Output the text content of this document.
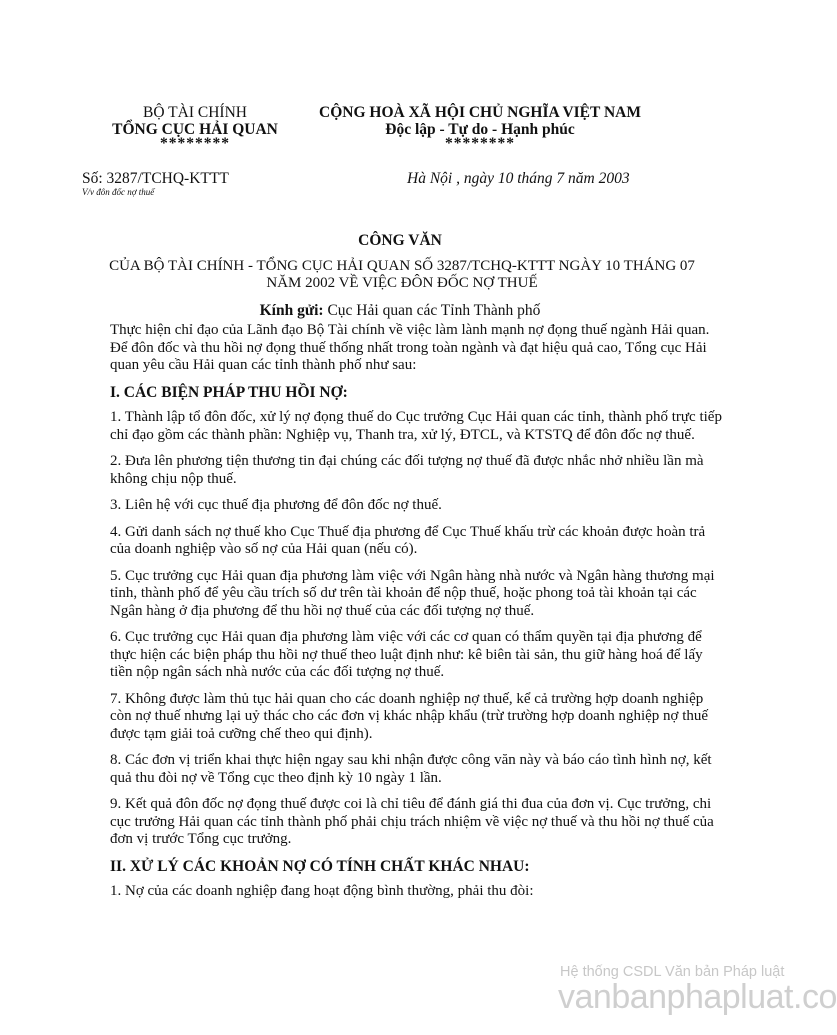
BỘ TÀI CHÍNH
TỔNG CỤC HẢI QUAN
********
CỘNG HOÀ XÃ HỘI CHỦ NGHĨA VIỆT NAM
Độc lập - Tự do - Hạnh phúc
********
Số: 3287/TCHQ-KTTT
V/v đôn đốc nợ thuế
Hà Nội , ngày 10 tháng 7 năm 2003
CÔNG VĂN
CỦA BỘ TÀI CHÍNH - TỔNG CỤC HẢI QUAN SỐ 3287/TCHQ-KTTT NGÀY 10 THÁNG 07 NĂM 2002 VỀ VIỆC ĐÔN ĐỐC NỢ THUẾ
Kính gửi: Cục Hải quan các Tỉnh Thành phố

Thực hiện chỉ đạo của Lãnh đạo Bộ Tài chính về việc làm lành mạnh nợ đọng thuế ngành Hải quan. Để đôn đốc và thu hồi nợ đọng thuế thống nhất trong toàn ngành và đạt hiệu quả cao, Tổng cục Hải quan yêu cầu Hải quan các tỉnh thành phố như sau:

I. CÁC BIỆN PHÁP THU HỒI NỢ:

1. Thành lập tổ đôn đốc, xử lý nợ đọng thuế do Cục trưởng Cục Hải quan các tỉnh, thành phố trực tiếp chỉ đạo gồm các thành phần: Nghiệp vụ, Thanh tra, xử lý, ĐTCL, và KTSTQ để đôn đốc nợ thuế.

2. Đưa lên phương tiện thương tin đại chúng các đối tượng nợ thuế đã được nhắc nhở nhiều lần mà không chịu nộp thuế.

3. Liên hệ với cục thuế địa phương để đôn đốc nợ thuế.

4. Gửi danh sách nợ thuế kho Cục Thuế địa phương để Cục Thuế khấu trừ các khoản được hoàn trả của doanh nghiệp vào số nợ của Hải quan (nếu có).

5. Cục trưởng cục Hải quan địa phương làm việc với Ngân hàng nhà nước và Ngân hàng thương mại tỉnh, thành phố để yêu cầu trích số dư trên tài khoản để nộp thuế, hoặc phong toả tài khoản tại các Ngân hàng ở địa phương để thu hồi nợ thuế của các đối tượng nợ thuế.

6. Cục trưởng cục Hải quan địa phương làm việc với các cơ quan có thẩm quyền tại địa phương để thực hiện các biện pháp thu hồi nợ thuế theo luật định như: kê biên tài sản, thu giữ hàng hoá để lấy tiền nộp ngân sách nhà nước của các đối tượng nợ thuế.

7. Không được làm thủ tục hải quan cho các doanh nghiệp nợ thuế, kể cả trường hợp doanh nghiệp còn nợ thuế nhưng lại uỷ thác cho các đơn vị khác nhập khẩu (trừ trường hợp doanh nghiệp nợ thuế được tạm giải toả cưỡng chế theo qui định).

8. Các đơn vị triển khai thực hiện ngay sau khi nhận được công văn này và báo cáo tình hình nợ, kết quả thu đòi nợ về Tổng cục theo định kỳ 10 ngày 1 lần.

9. Kết quả đôn đốc nợ đọng thuế được coi là chỉ tiêu để đánh giá thi đua của đơn vị. Cục trưởng, chi cục trưởng Hải quan các tỉnh thành phố phải chịu trách nhiệm về việc nợ thuế và thu hồi nợ thuế của đơn vị trước Tổng cục trưởng.

II. XỬ LÝ CÁC KHOẢN NỢ CÓ TÍNH CHẤT KHÁC NHAU:

1. Nợ của các doanh nghiệp đang hoạt động bình thường, phải thu đòi:

Hệ thống CSDL Văn bản Pháp luật
vanbanphapluat.co
